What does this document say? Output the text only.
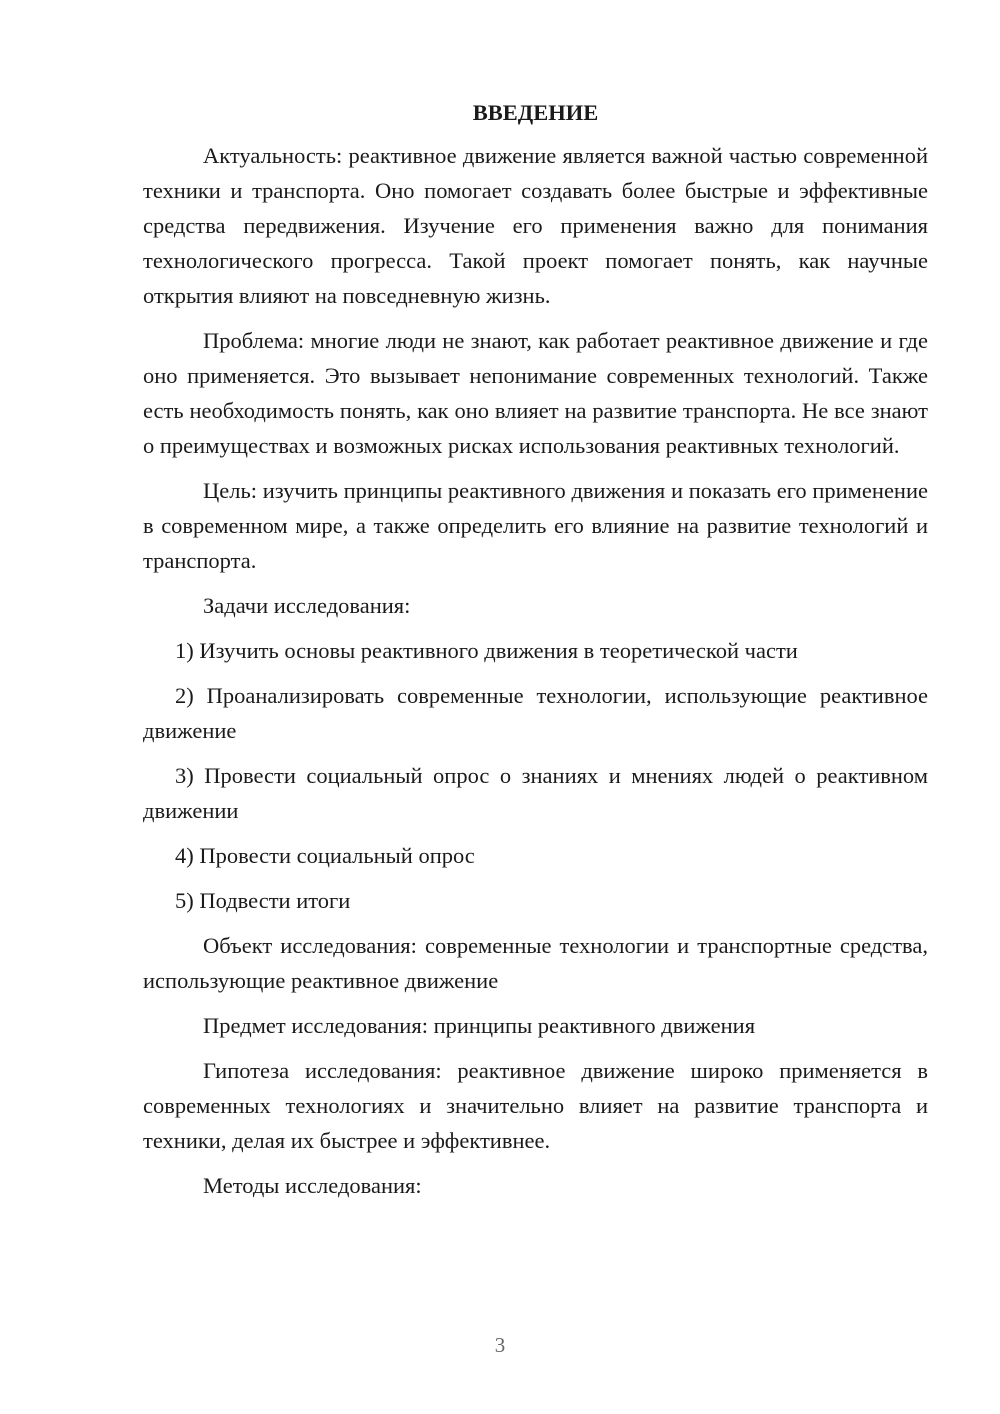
ВВЕДЕНИЕ

Актуальность: реактивное движение является важной частью современной техники и транспорта. Оно помогает создавать более быстрые и эффективные средства передвижения. Изучение его применения важно для понимания технологического прогресса. Такой проект помогает понять, как научные открытия влияют на повседневную жизнь.

Проблема: многие люди не знают, как работает реактивное движение и где оно применяется. Это вызывает непонимание современных технологий. Также есть необходимость понять, как оно влияет на развитие транспорта. Не все знают о преимуществах и возможных рисках использования реактивных технологий.

Цель: изучить принципы реактивного движения и показать его применение в современном мире, а также определить его влияние на развитие технологий и транспорта.

Задачи исследования:

1) Изучить основы реактивного движения в теоретической части

2) Проанализировать современные технологии, использующие реактивное движение

3) Провести социальный опрос о знаниях и мнениях людей о реактивном движении

4) Провести социальный опрос

5) Подвести итоги

Объект исследования: современные технологии и транспортные средства, использующие реактивное движение

Предмет исследования: принципы реактивного движения

Гипотеза исследования: реактивное движение широко применяется в современных технологиях и значительно влияет на развитие транспорта и техники, делая их быстрее и эффективнее.

Методы исследования:

3
